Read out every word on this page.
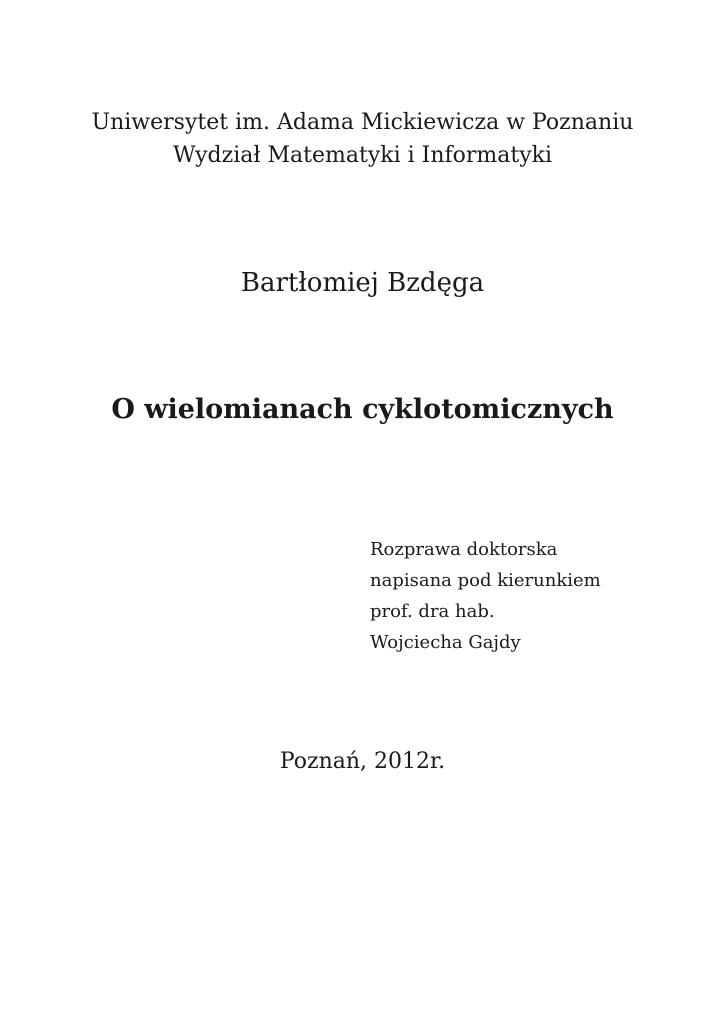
Uniwersytet im. Adama Mickiewicza w Poznaniu
Wydział Matematyki i Informatyki
Bartłomiej Bzdęga
O wielomianach cyklotomicznych
Rozprawa doktorska
napisana pod kierunkiem
prof. dra hab.
Wojciecha Gajdy
Poznań, 2012r.
